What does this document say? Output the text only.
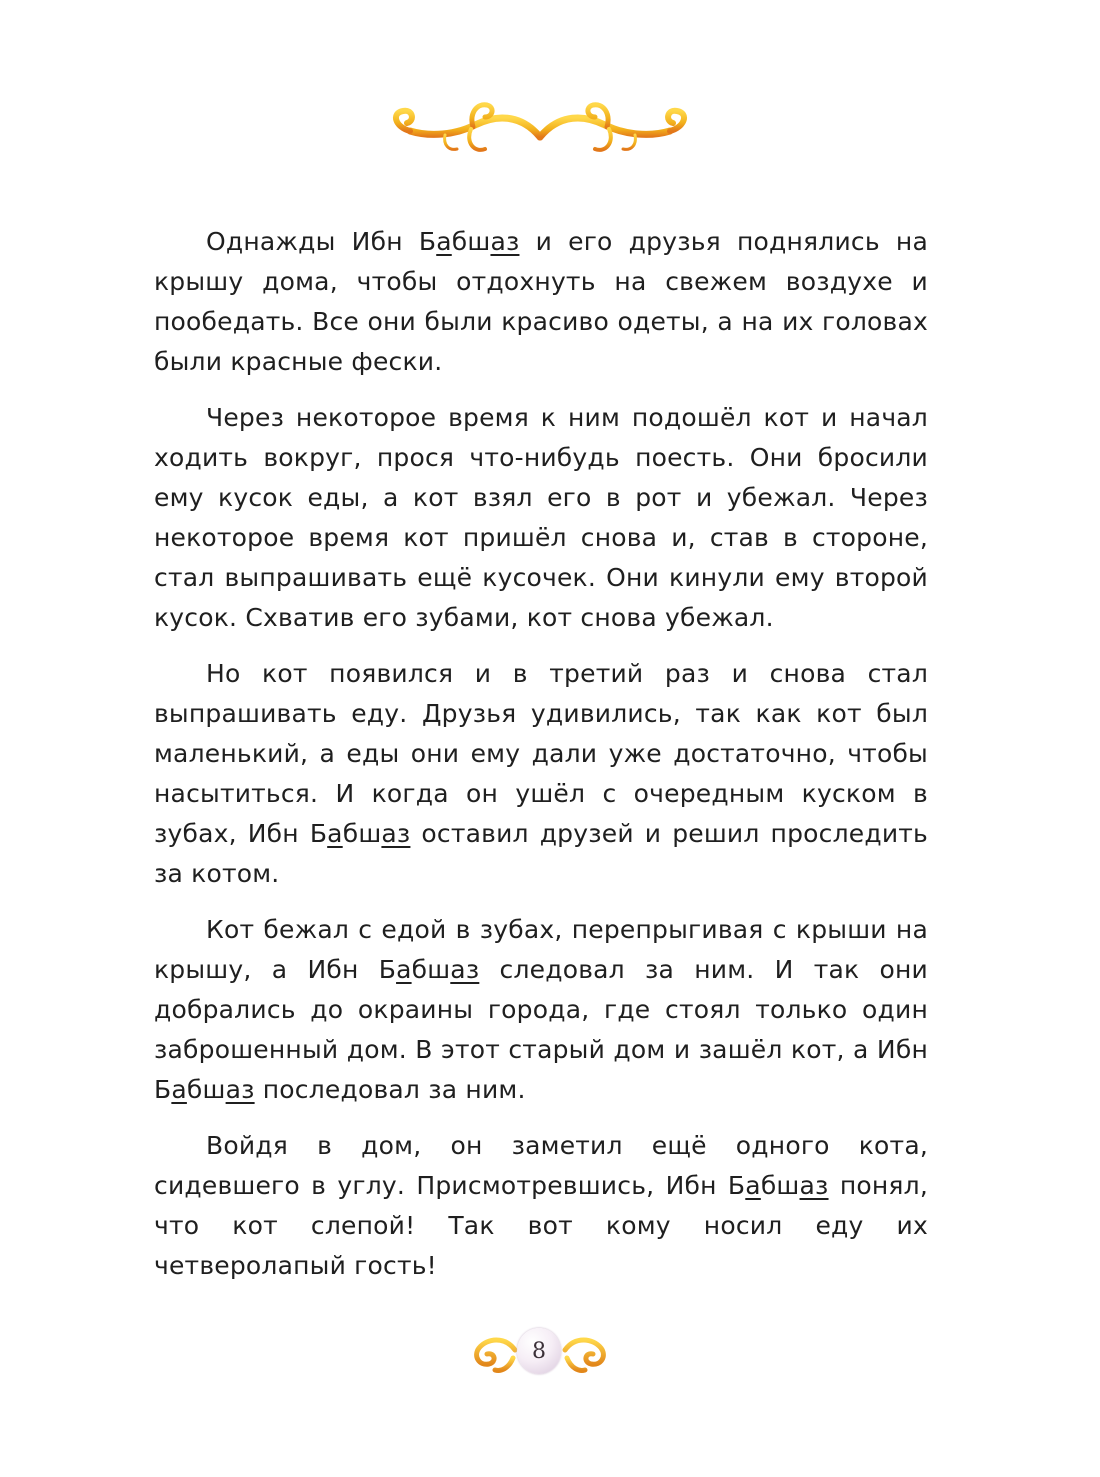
Однажды Ибн Бабшаз и его друзья поднялись на крышу дома, чтобы отдохнуть на свежем воздухе и пообедать. Все они были красиво одеты, а на их головах были красные фески.

Через некоторое время к ним подошёл кот и начал ходить вокруг, прося что-нибудь поесть. Они бросили ему кусок еды, а кот взял его в рот и убежал. Через некоторое время кот пришёл снова и, став в стороне, стал выпрашивать ещё кусочек. Они кинули ему второй кусок. Схватив его зубами, кот снова убежал.

Но кот появился и в третий раз и снова стал выпрашивать еду. Друзья удивились, так как кот был маленький, а еды они ему дали уже достаточно, чтобы насытиться. И когда он ушёл с очередным куском в зубах, Ибн Бабшаз оставил друзей и решил проследить за котом.

Кот бежал с едой в зубах, перепрыгивая с крыши на крышу, а Ибн Бабшаз следовал за ним. И так они добрались до окраины города, где стоял только один заброшенный дом. В этот старый дом и зашёл кот, а Ибн Бабшаз последовал за ним.

Войдя в дом, он заметил ещё одного кота, сидевшего в углу. Присмотревшись, Ибн Бабшаз понял, что кот слепой! Так вот кому носил еду их четверолапый гость!

8
